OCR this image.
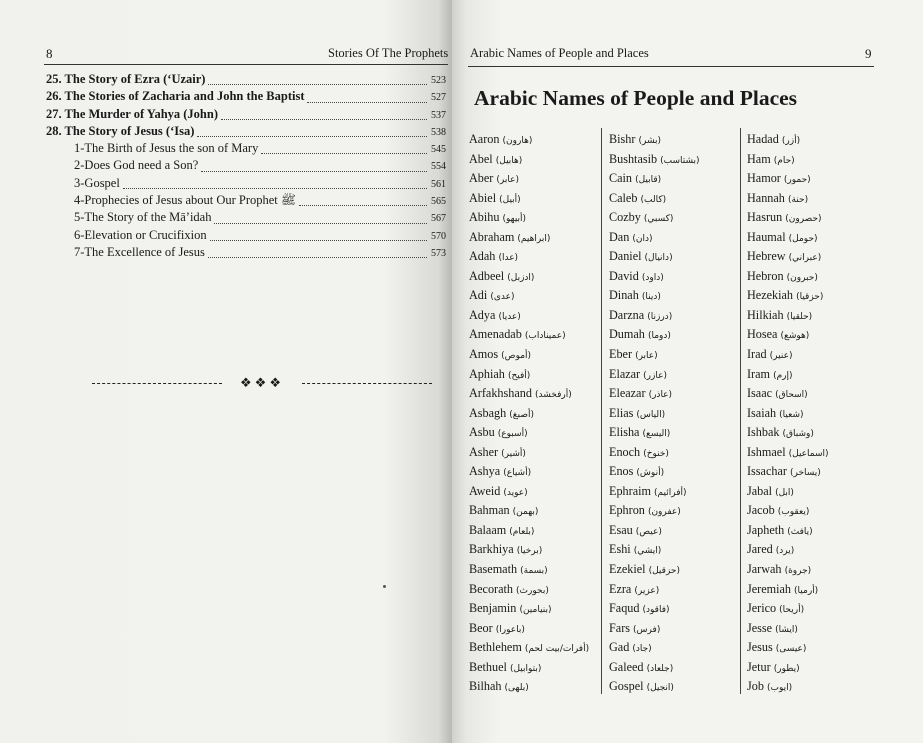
8	Stories Of The Prophets
25. The Story of Ezra (‘Uzair)	523
26. The Stories of Zacharia and John the Baptist	527
27. The Murder of Yahya (John)	537
28. The Story of Jesus (‘Isa)	538
1-The Birth of Jesus the son of Mary	545
2-Does God need a Son?	554
3-Gospel	561
4-Prophecies of Jesus about Our Prophet ﷺ	565
5-The Story of the Mā’idah	567
6-Elevation or Crucifixion	570
7-The Excellence of Jesus	573
❖❖❖
Arabic Names of People and Places	9
Arabic Names of People and Places
Aaron (هارون)
Abel (هابيل)
Aber (عابر)
Abiel (أبيل)
Abihu (أبيهو)
Abraham (ابراهيم)
Adah (عدا)
Adbeel (ادزبل)
Adi (عدى)
Adya (عديا)
Amenadab (عميناداب)
Amos (أموص)
Aphiah (أفيح)
Arfakhshand (أرفخشد)
Asbagh (أصبغ)
Asbu (أسبوع)
Asher (أشير)
Ashya (أشياع)
Aweid (عويد)
Bahman (بهمن)
Balaam (بلعام)
Barkhiya (برخيا)
Basemath (بسمة)
Becorath (بحورث)
Benjamin (بنيامين)
Beor (باعورا)
Bethlehem (أفرات/بيت لحم)
Bethuel (بتوابيل)
Bilhah (بلهى)
Bishr (بشر)
Bushtasib (بشتاسب)
Cain (قابيل)
Caleb (كالب)
Cozby (كسبي)
Dan (دان)
Daniel (دانيال)
David (داود)
Dinah (دينا)
Darzna (درزنا)
Dumah (دوما)
Eber (عابر)
Elazar (عازر)
Eleazar (عاذر)
Elias (الياس)
Elisha (اليسع)
Enoch (خنوخ)
Enos (أنوش)
Ephraim (أفرائيم)
Ephron (عفرون)
Esau (عيص)
Eshi (ايشي)
Ezekiel (حزقيل)
Ezra (عزير)
Faqud (فاقود)
Fars (فرس)
Gad (جاد)
Galeed (جلعاد)
Gospel (انجيل)
Hadad (أزر)
Ham (حام)
Hamor (حمور)
Hannah (حنة)
Hasrun (حصرون)
Haumal (حومل)
Hebrew (عبراني)
Hebron (حبرون)
Hezekiah (حزقيا)
Hilkiah (حلقيا)
Hosea (هوشع)
Irad (عنير)
Iram (إرم)
Isaac (اسحاق)
Isaiah (شعيا)
Ishbak (وشباق)
Ishmael (اسماعيل)
Issachar (يساخر)
Jabal (ابل)
Jacob (يعقوب)
Japheth (يافث)
Jared (يرد)
Jarwah (جروة)
Jeremiah (أرميا)
Jerico (أريحا)
Jesse (ايشا)
Jesus (عيسى)
Jetur (يطور)
Job (ايوب)
